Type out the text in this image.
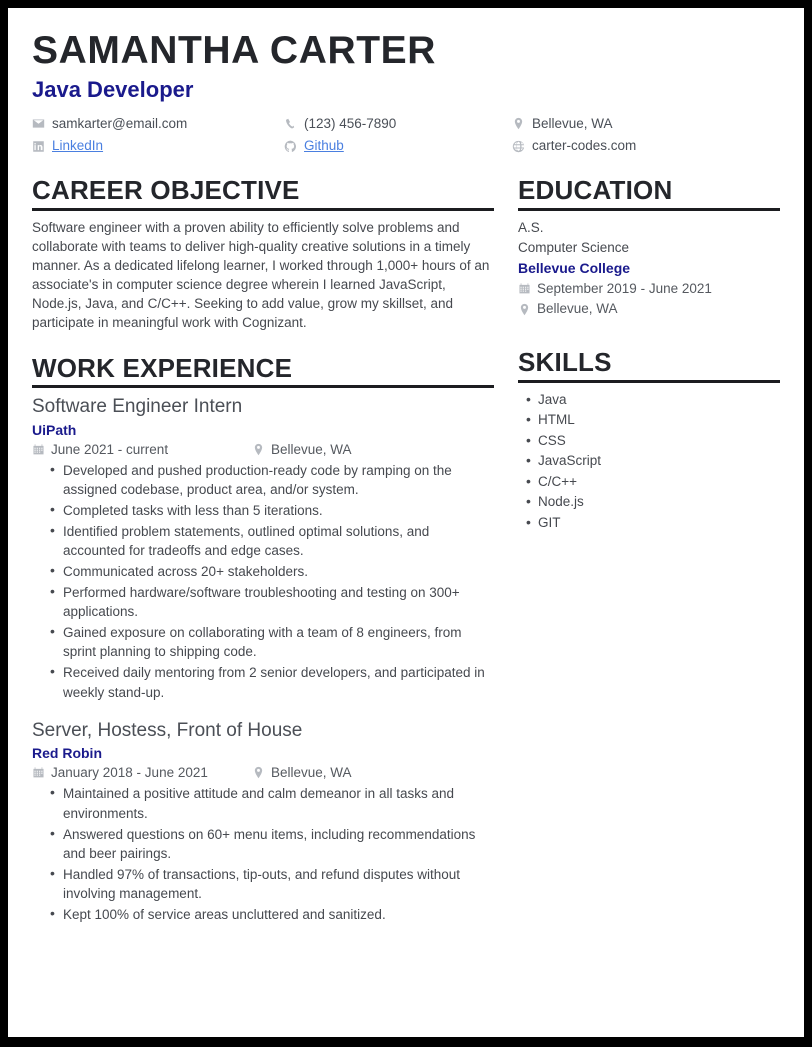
SAMANTHA CARTER
Java Developer
samkarter@email.com	(123) 456-7890	Bellevue, WA
LinkedIn	Github	carter-codes.com
CAREER OBJECTIVE

Software engineer with a proven ability to efficiently solve problems and collaborate with teams to deliver high-quality creative solutions in a timely manner. As a dedicated lifelong learner, I worked through 1,000+ hours of an associate's in computer science degree wherein I learned JavaScript, Node.js, Java, and C/C++. Seeking to add value, grow my skillset, and participate in meaningful work with Cognizant.

WORK EXPERIENCE
Software Engineer Intern
UiPath
June 2021 - current	Bellevue, WA
• Developed and pushed production-ready code by ramping on the assigned codebase, product area, and/or system.
• Completed tasks with less than 5 iterations.
• Identified problem statements, outlined optimal solutions, and accounted for tradeoffs and edge cases.
• Communicated across 20+ stakeholders.
• Performed hardware/software troubleshooting and testing on 300+ applications.
• Gained exposure on collaborating with a team of 8 engineers, from sprint planning to shipping code.
• Received daily mentoring from 2 senior developers, and participated in weekly stand-up.
Server, Hostess, Front of House
Red Robin
January 2018 - June 2021	Bellevue, WA
• Maintained a positive attitude and calm demeanor in all tasks and environments.
• Answered questions on 60+ menu items, including recommendations and beer pairings.
• Handled 97% of transactions, tip-outs, and refund disputes without involving management.
• Kept 100% of service areas uncluttered and sanitized.
EDUCATION
A.S.
Computer Science
Bellevue College
September 2019 - June 2021
Bellevue, WA
SKILLS
• Java
• HTML
• CSS
• JavaScript
• C/C++
• Node.js
• GIT
